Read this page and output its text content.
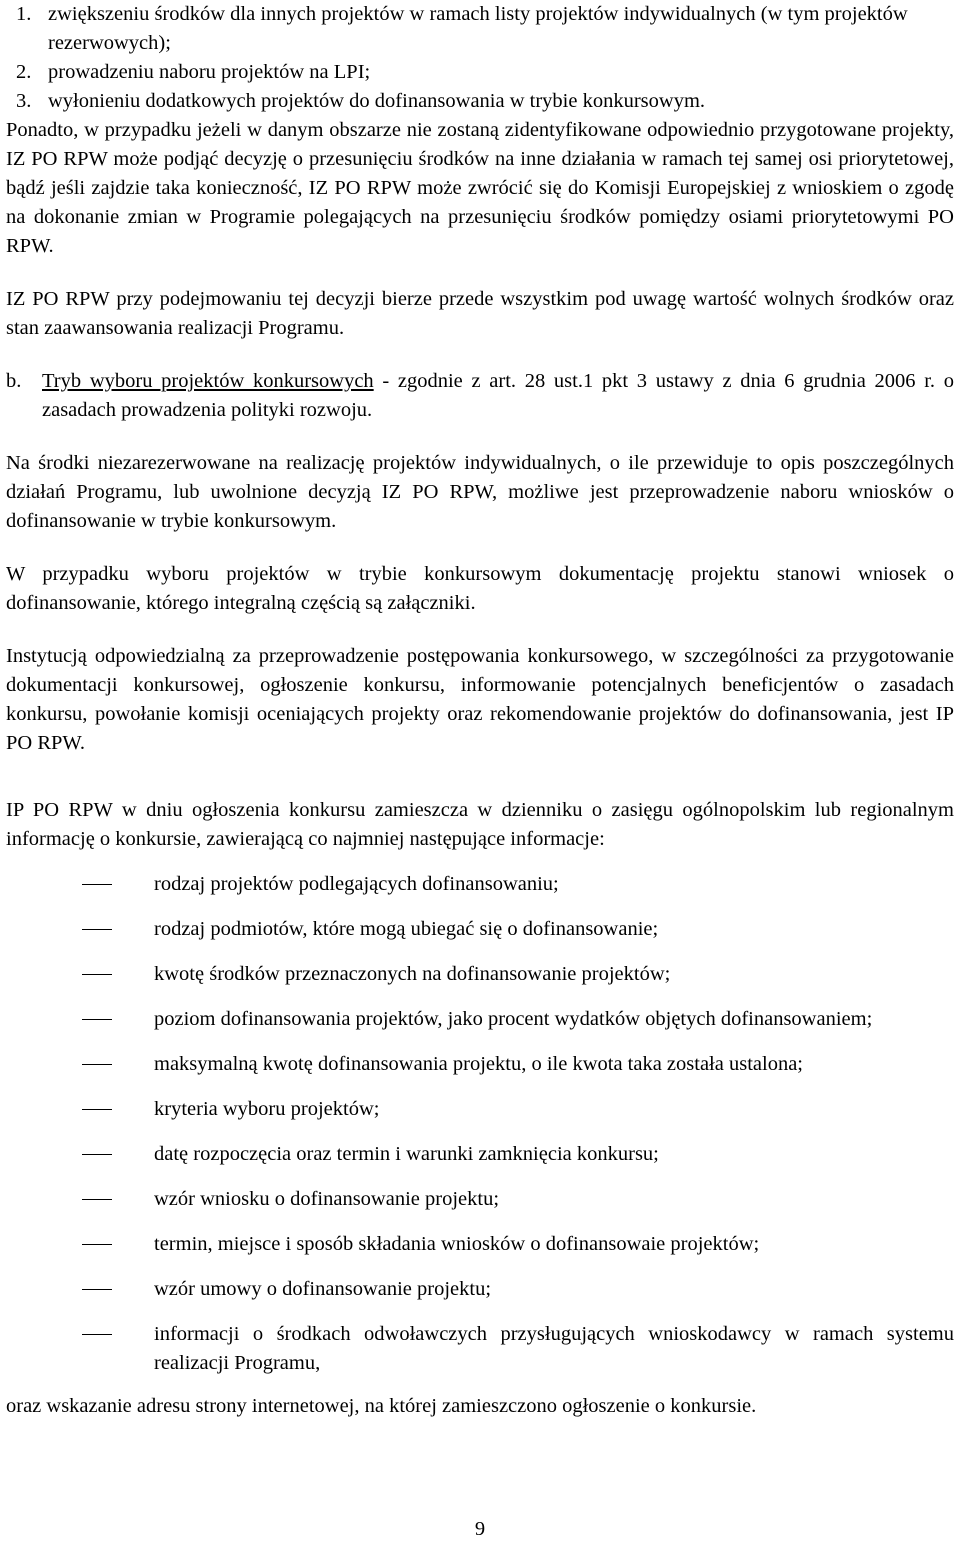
1. zwiększeniu środków dla innych projektów w ramach listy projektów indywidualnych (w tym projektów rezerwowych);
2. prowadzeniu naboru projektów na LPI;
3. wyłonieniu dodatkowych projektów do dofinansowania w trybie konkursowym.

Ponadto, w przypadku jeżeli w danym obszarze nie zostaną zidentyfikowane odpowiednio przygotowane projekty, IZ PO RPW może podjąć decyzję o przesunięciu środków na inne działania w ramach tej samej osi priorytetowej, bądź jeśli zajdzie taka konieczność, IZ PO RPW może zwrócić się do Komisji Europejskiej z wnioskiem o zgodę na dokonanie zmian w Programie polegających na przesunięciu środków pomiędzy osiami priorytetowymi PO RPW.

IZ PO RPW przy podejmowaniu tej decyzji bierze przede wszystkim pod uwagę wartość wolnych środków oraz stan zaawansowania realizacji Programu.

b.	Tryb wyboru projektów konkursowych - zgodnie z art. 28 ust.1 pkt 3 ustawy z dnia 6 grudnia 2006 r. o zasadach prowadzenia polityki rozwoju.

Na środki niezarezerwowane na realizację projektów indywidualnych, o ile przewiduje to opis poszczególnych działań Programu, lub uwolnione decyzją IZ PO RPW, możliwe jest przeprowadzenie naboru wniosków o dofinansowanie w trybie konkursowym.

W przypadku wyboru projektów w trybie konkursowym dokumentację projektu stanowi wniosek o dofinansowanie, którego integralną częścią są załączniki.

Instytucją odpowiedzialną za przeprowadzenie postępowania konkursowego, w szczególności za przygotowanie dokumentacji konkursowej, ogłoszenie konkursu, informowanie potencjalnych beneficjentów o zasadach konkursu, powołanie komisji oceniających projekty oraz rekomendowanie projektów do dofinansowania, jest IP PO RPW.

IP PO RPW w dniu ogłoszenia konkursu zamieszcza w dzienniku o zasięgu ogólnopolskim lub regionalnym informację o konkursie, zawierającą co najmniej następujące informacje:

rodzaj projektów podlegających dofinansowaniu;
rodzaj podmiotów, które mogą ubiegać się o dofinansowanie;
kwotę środków przeznaczonych na dofinansowanie projektów;
poziom dofinansowania projektów, jako procent wydatków objętych dofinansowaniem;
maksymalną kwotę dofinansowania projektu, o ile kwota taka została ustalona;
kryteria wyboru projektów;
datę rozpoczęcia oraz termin i warunki zamknięcia konkursu;
wzór wniosku o dofinansowanie projektu;
termin, miejsce i sposób składania wniosków o dofinansowaie projektów;
wzór umowy o dofinansowanie projektu;
informacji o środkach odwoławczych przysługujących wnioskodawcy w ramach systemu realizacji Programu,

oraz wskazanie adresu strony internetowej, na której zamieszczono ogłoszenie o konkursie.

9
